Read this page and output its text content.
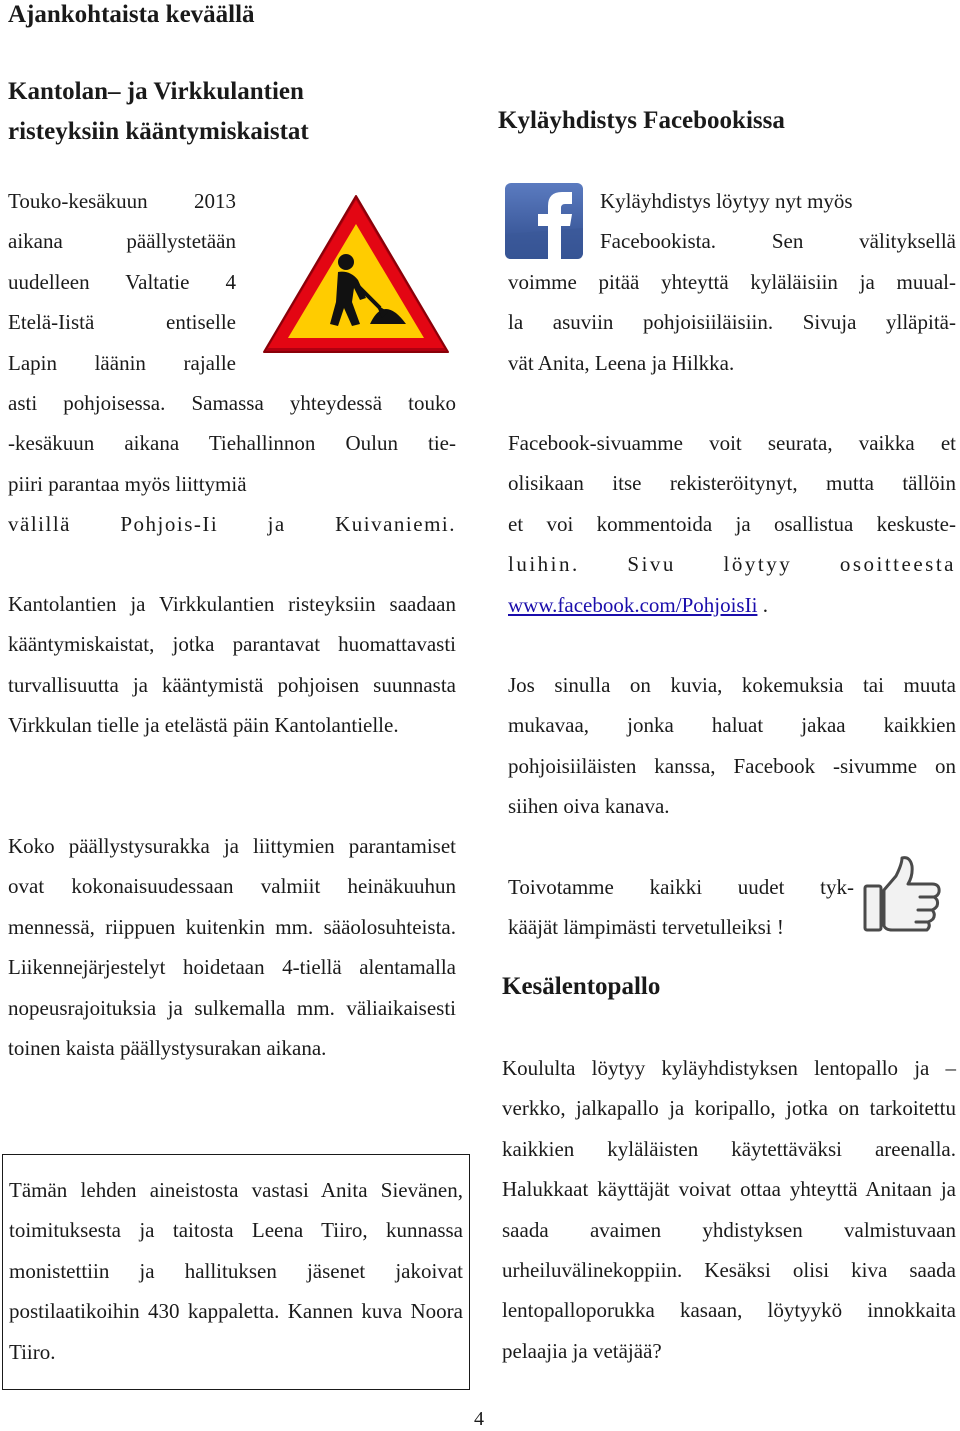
Ajankohtaista keväällä
Kantolan– ja Virkkulantien
risteyksiin kääntymiskaistat
Touko-kesäkuun 2013
aikana päällystetään
uudelleen Valtatie 4
Etelä-Iistä entiselle
Lapin läänin rajalle
asti pohjoisessa. Samassa yhteydessä touko
-kesäkuun aikana Tiehallinnon Oulun tie-
piiri parantaa myös liittymiä
välillä Pohjois-Ii ja Kuivaniemi.

Kantolantien ja Virkkulantien risteyksiin saadaan kääntymiskaistat, jotka parantavat huomattavasti turvallisuutta ja kääntymistä pohjoisen suunnasta Virkkulan tielle ja etelästä päin Kantolantielle.

Koko päällystysurakka ja liittymien parantamiset ovat kokonaisuudessaan valmiit heinäkuuhun mennessä, riippuen kuitenkin mm. sääolosuhteista. Liikennejärjestelyt hoidetaan 4-tiellä alentamalla nopeusrajoituksia ja sulkemalla mm. väliaikaisesti toinen kaista päällystysurakan aikana.

Tämän lehden aineistosta vastasi Anita Sievänen, toimituksesta ja taitosta Leena Tiiro, kunnassa monistettiin ja hallituksen jäsenet jakoivat postilaatikoihin 430 kappaletta. Kannen kuva Noora Tiiro.

4
Kyläyhdistys Facebookissa
Kyläyhdistys löytyy nyt myös
Facebookista. Sen välityksellä
voimme pitää yhteyttä kyläläisiin ja muual-
la asuviin pohjoisiiläisiin. Sivuja ylläpitä-
vät Anita, Leena ja Hilkka.
Facebook-sivuamme voit seurata, vaikka et
olisikaan itse rekisteröitynyt, mutta tällöin
et voi kommentoida ja osallistua keskuste-
luihin. Sivu löytyy osoitteesta
www.facebook.com/PohjoisIi .

Jos sinulla on kuvia, kokemuksia tai muuta mukavaa, jonka haluat jakaa kaikkien pohjoisiiläisten kanssa, Facebook -sivumme on siihen oiva kanava.

Toivotamme kaikki uudet tyk-
kääjät lämpimästi tervetulleiksi !
Kesälentopallo

Koululta löytyy kyläyhdistyksen lentopallo ja –verkko, jalkapallo ja koripallo, jotka on tarkoitettu kaikkien kyläläisten käytettäväksi areenalla. Halukkaat käyttäjät voivat ottaa yhteyttä Anitaan ja saada avaimen yhdistyksen valmistuvaan urheiluvälinekoppiin. Kesäksi olisi kiva saada lentopalloporukka kasaan, löytyykö innokkaita pelaajia ja vetäjää?
